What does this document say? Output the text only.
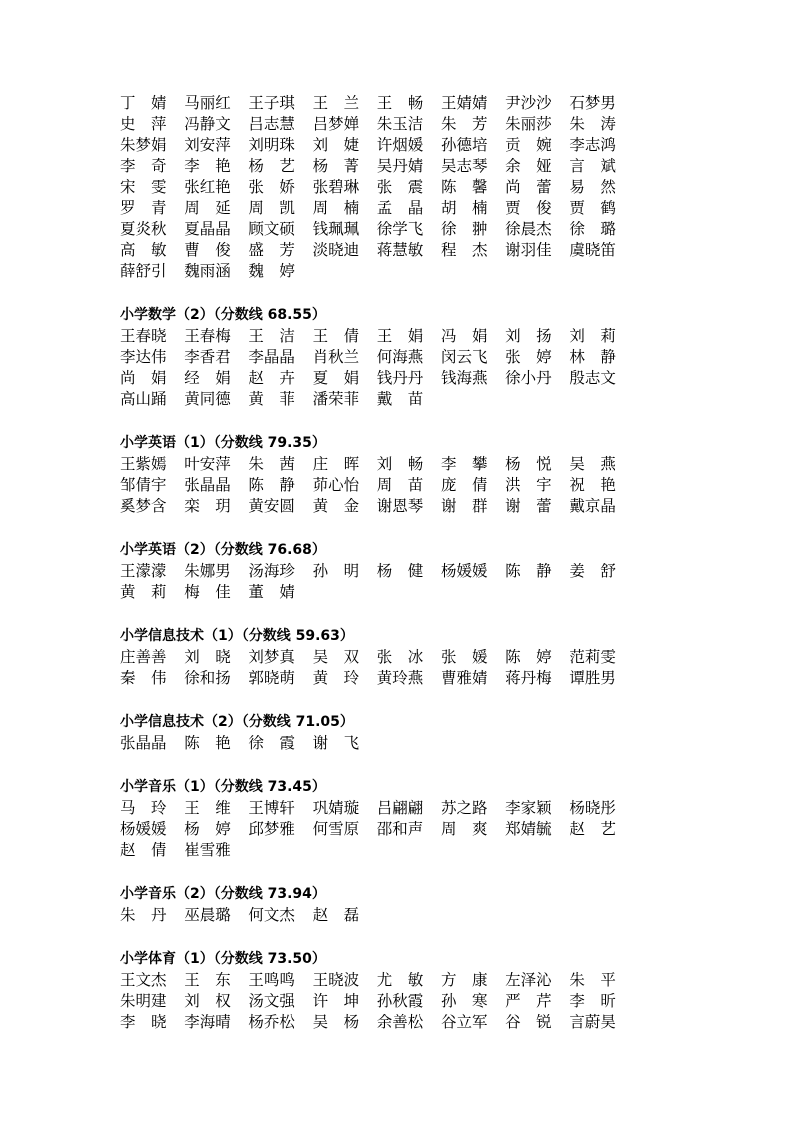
丁　婧	马丽红	王子琪	王　兰	王　畅	王婧婧	尹沙沙	石梦男
史　萍	冯静文	吕志慧	吕梦婵	朱玉洁	朱　芳	朱丽莎	朱　涛
朱梦娟	刘安萍	刘明珠	刘　婕	许烟媛	孙德培	贡　婉	李志鸿
李　奇	李　艳	杨　艺	杨　菁	吴丹婧	吴志琴	余　娅	言　斌
宋　雯	张红艳	张　娇	张碧琳	张　震	陈　馨	尚　蕾	易　然
罗　青	周　延	周　凯	周　楠	孟　晶	胡　楠	贾　俊	贾　鹤
夏炎秋	夏晶晶	顾文硕	钱珮珮	徐学飞	徐　翀	徐晨杰	徐　璐
高　敏	曹　俊	盛　芳	淡晓迪	蒋慧敏	程　杰	谢羽佳	虞晓笛
薛舒引	魏雨涵	魏　婷
小学数学（2）（分数线 68.55）
王春晓	王春梅	王　洁	王　倩	王　娟	冯　娟	刘　扬	刘　莉
李达伟	李香君	李晶晶	肖秋兰	何海燕	闵云飞	张　婷	林　静
尚　娟	经　娟	赵　卉	夏　娟	钱丹丹	钱海燕	徐小丹	殷志文
高山踊	黄同德	黄　菲	潘荣菲	戴　苗
小学英语（1）（分数线 79.35）
王紫嫣	叶安萍	朱　茜	庄　晖	刘　畅	李　攀	杨　悦	吴　燕
邹倩宇	张晶晶	陈　静	茆心怡	周　苗	庞　倩	洪　宇	祝　艳
奚梦含	栾　玥	黄安圆	黄　金	谢恩琴	谢　群	谢　蕾	戴京晶
小学英语（2）（分数线 76.68）
王濛濛	朱娜男	汤海珍	孙　明	杨　健	杨媛媛	陈　静	姜　舒
黄　莉	梅　佳	董　婧
小学信息技术（1）（分数线 59.63）
庄善善	刘　晓	刘梦真	吴　双	张　冰	张　媛	陈　婷	范莉雯
秦　伟	徐和扬	郭晓萌	黄　玲	黄玲燕	曹雅婧	蒋丹梅	谭胜男
小学信息技术（2）（分数线 71.05）
张晶晶	陈　艳	徐　霞	谢　飞
小学音乐（1）（分数线 73.45）
马　玲	王　维	王博轩	巩婧璇	吕翩翩	苏之路	李家颖	杨晓彤
杨媛媛	杨　婷	邱梦雅	何雪原	邵和声	周　爽	郑婧毓	赵　艺
赵　倩	崔雪雅
小学音乐（2）（分数线 73.94）
朱　丹	巫晨璐	何文杰	赵　磊
小学体育（1）（分数线 73.50）
王文杰	王　东	王鸣鸣	王晓波	尤　敏	方　康	左泽沁	朱　平
朱明建	刘　权	汤文强	许　坤	孙秋霞	孙　寒	严　芹	李　昕
李　晓	李海晴	杨乔松	吴　杨	余善松	谷立军	谷　锐	言蔚昊
